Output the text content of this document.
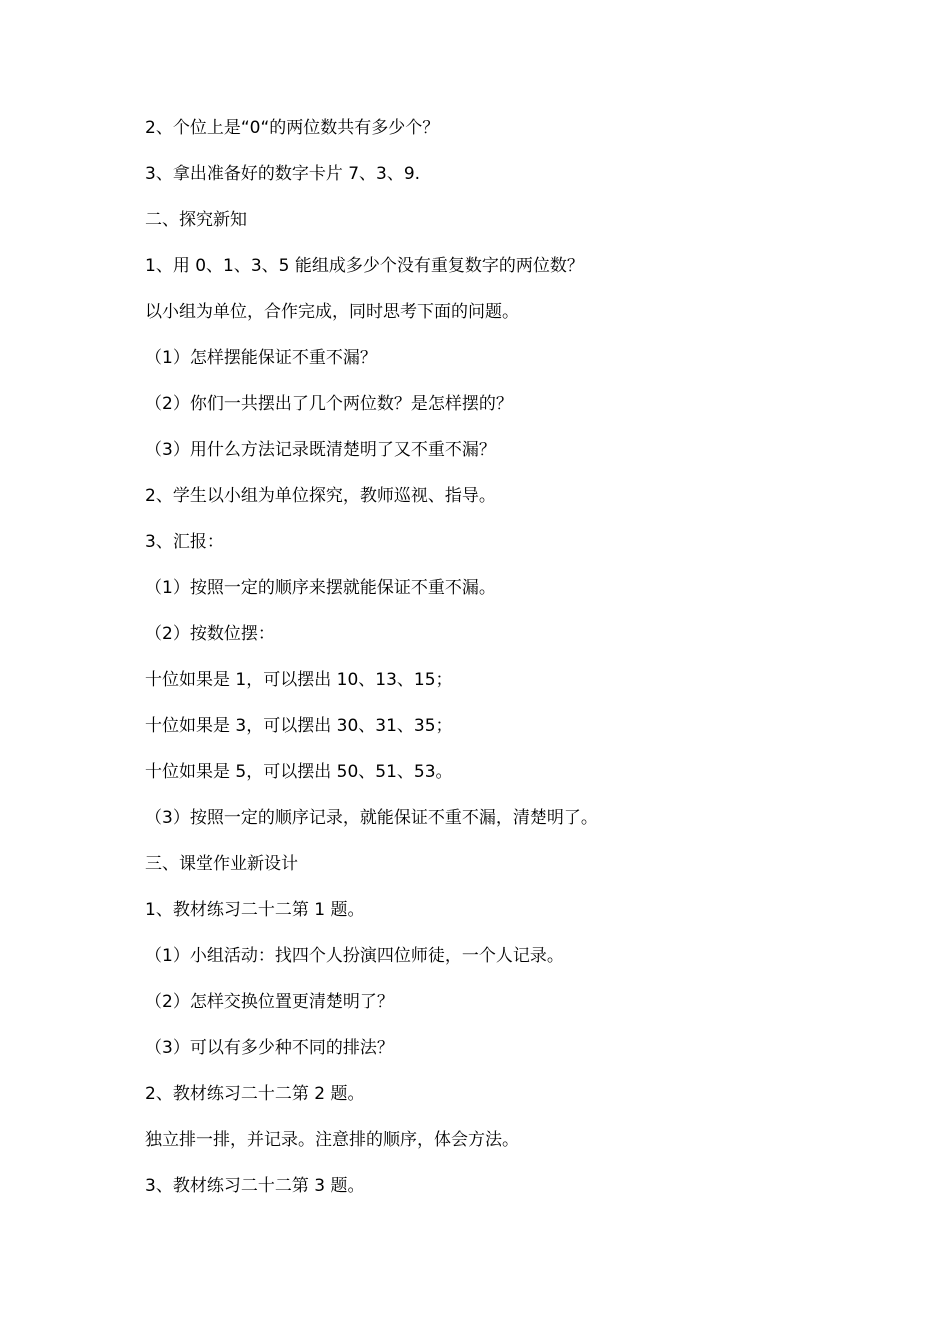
2、个位上是“0“的两位数共有多少个？
3、拿出准备好的数字卡片 7、3、9.
二、探究新知
1、用 0、1、3、5 能组成多少个没有重复数字的两位数？
以小组为单位，合作完成，同时思考下面的问题。
（1）怎样摆能保证不重不漏？
（2）你们一共摆出了几个两位数？是怎样摆的？
（3）用什么方法记录既清楚明了又不重不漏？
2、学生以小组为单位探究，教师巡视、指导。
3、汇报：
（1）按照一定的顺序来摆就能保证不重不漏。
（2）按数位摆：
十位如果是 1，可以摆出 10、13、15；
十位如果是 3，可以摆出 30、31、35；
十位如果是 5，可以摆出 50、51、53。
（3）按照一定的顺序记录，就能保证不重不漏，清楚明了。
三、课堂作业新设计
1、教材练习二十二第 1 题。
（1）小组活动：找四个人扮演四位师徒，一个人记录。
（2）怎样交换位置更清楚明了？
（3）可以有多少种不同的排法？
2、教材练习二十二第 2 题。
独立排一排，并记录。注意排的顺序，体会方法。
3、教材练习二十二第 3 题。
